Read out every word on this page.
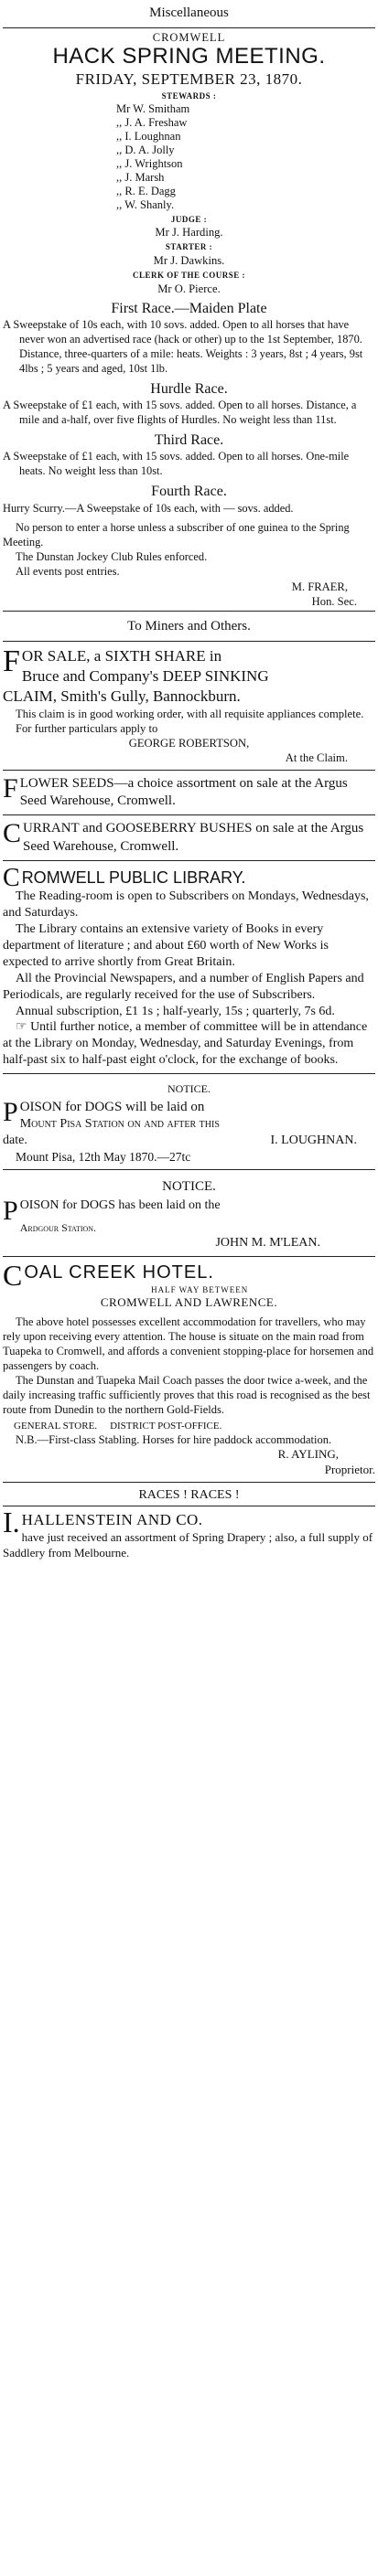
Miscellaneous
CROMWELL
HACK SPRING MEETING.
FRIDAY, SEPTEMBER 23, 1870.
STEWARDS :
Mr W. Smitham
,, J. A. Freshaw
,, I. Loughnan
,, D. A. Jolly
,, J. Wrightson
,, J. Marsh
,, R. E. Dagg
,, W. Shanly.
JUDGE :
Mr J. Harding.
STARTER :
Mr J. Dawkins.
CLERK OF THE COURSE :
Mr O. Pierce.
First Race.—Maiden Plate
A Sweepstake of 10s each, with 10 sovs. added. Open to all horses that have never won an advertised race (hack or other) up to the 1st September, 1870. Distance, three-quarters of a mile: heats. Weights : 3 years, 8st ; 4 years, 9st 4lbs ; 5 years and aged, 10st 1lb.
Hurdle Race.
A Sweepstake of £1 each, with 15 sovs. added. Open to all horses. Distance, a mile and a-half, over five flights of Hurdles. No weight less than 11st.
Third Race.
A Sweepstake of £1 each, with 15 sovs. added. Open to all horses. One-mile heats. No weight less than 10st.
Fourth Race.
Hurry Scurry.—A Sweepstake of 10s each, with — sovs. added.
No person to enter a horse unless a subscriber of one guinea to the Spring Meeting.
The Dunstan Jockey Club Rules enforced.
All events post entries.
M. FRAER,
Hon. Sec.
To Miners and Others.
F OR SALE, a SIXTH SHARE in
Bruce and Company's DEEP SINKING
CLAIM, Smith's Gully, Bannockburn.
This claim is in good working order, with all requisite appliances complete.
For further particulars apply to
GEORGE ROBERTSON,
At the Claim.
F LOWER SEEDS—a choice assortment on sale at the Argus Seed Warehouse, Cromwell.
C URRANT and GOOSEBERRY BUSHES on sale at the Argus Seed Warehouse, Cromwell.
C ROMWELL PUBLIC LIBRARY.
The Reading-room is open to Subscribers on Mondays, Wednesdays, and Saturdays.
The Library contains an extensive variety of Books in every department of literature ; and about £60 worth of New Works is expected to arrive shortly from Great Britain.
All the Provincial Newspapers, and a number of English Papers and Periodicals, are regularly received for the use of Subscribers.
Annual subscription, £1 1s ; half-yearly, 15s ; quarterly, 7s 6d.
☞ Until further notice, a member of committee will be in attendance at the Library on Monday, Wednesday, and Saturday Evenings, from half-past six to half-past eight o'clock, for the exchange of books.
NOTICE.
P OISON for DOGS will be laid on
Mount Pisa Station on and after this
date.	I. LOUGHNAN.
Mount Pisa, 12th May 1870.—27tc
NOTICE.
P OISON for DOGS has been laid on the
Ardgour Station.
JOHN M. M'LEAN.
C OAL CREEK HOTEL.
HALF WAY BETWEEN
CROMWELL AND LAWRENCE.
The above hotel possesses excellent accommodation for travellers, who may rely upon receiving every attention. The house is situate on the main road from Tuapeka to Cromwell, and affords a convenient stopping-place for horsemen and passengers by coach.
The Dunstan and Tuapeka Mail Coach passes the door twice a-week, and the daily increasing traffic sufficiently proves that this road is recognised as the best route from Dunedin to the northern Gold-Fields.
GENERAL STORE. DISTRICT POST-OFFICE.
N.B.—First-class Stabling. Horses for hire paddock accommodation.
R. AYLING,
Proprietor.
RACES ! RACES !
I. HALLENSTEIN AND CO.
have just received an assortment of Spring Drapery ; also, a full supply of Saddlery from Melbourne.
